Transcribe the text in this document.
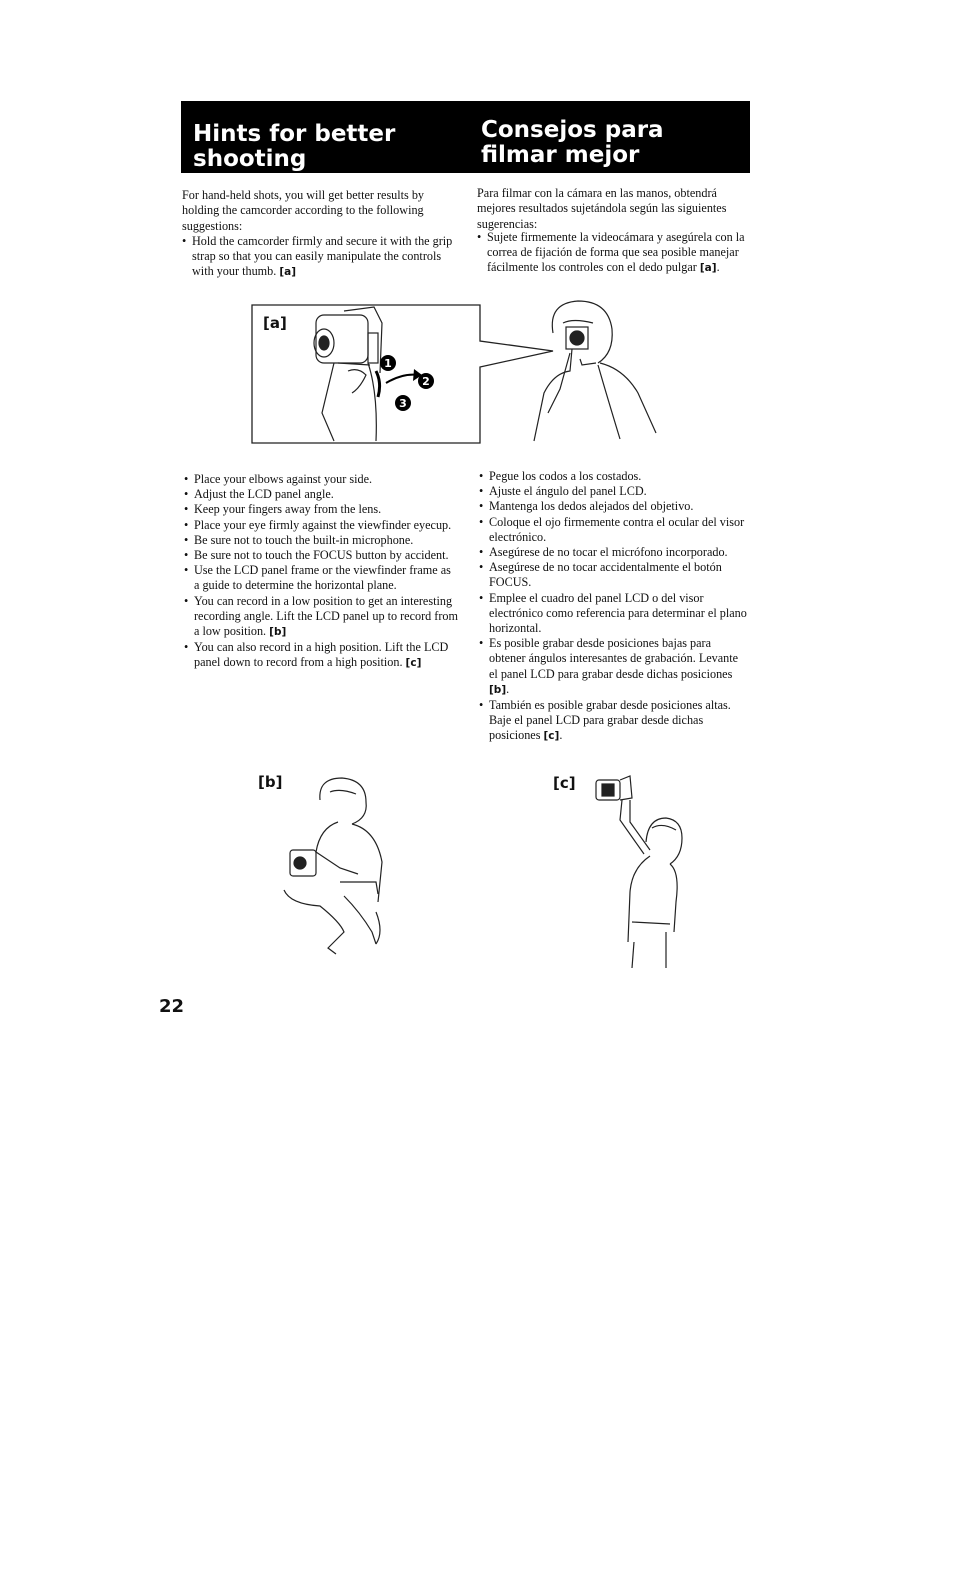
Hints for better shooting
Consejos para filmar mejor

For hand-held shots, you will get better results by holding the camcorder according to the following suggestions:

Para filmar con la cámara en las manos, obtendrá mejores resultados sujetándola según las siguientes sugerencias:

• Hold the camcorder firmly and secure it with the grip strap so that you can easily manipulate the controls with your thumb. [a]
• Sujete firmemente la videocámara y asegúrela con la correa de fijación de forma que sea posible manejar fácilmente los controles con el dedo pulgar [a].
[a]
1
2
3
• Place your elbows against your side.
• Adjust the LCD panel angle.
• Keep your fingers away from the lens.
• Place your eye firmly against the viewfinder eyecup.
• Be sure not to touch the built-in microphone.
• Be sure not to touch the FOCUS button by accident.
• Use the LCD panel frame or the viewfinder frame as a guide to determine the horizontal plane.
• You can record in a low position to get an interesting recording angle. Lift the LCD panel up to record from a low position. [b]
• You can also record in a high position. Lift the LCD panel down to record from a high position. [c]
• Pegue los codos a los costados.
• Ajuste el ángulo del panel LCD.
• Mantenga los dedos alejados del objetivo.
• Coloque el ojo firmemente contra el ocular del visor electrónico.
• Asegúrese de no tocar el micrófono incorporado.
• Asegúrese de no tocar accidentalmente el botón FOCUS.
• Emplee el cuadro del panel LCD o del visor electrónico como referencia para determinar el plano horizontal.
• Es posible grabar desde posiciones bajas para obtener ángulos interesantes de grabación. Levante el panel LCD para grabar desde dichas posiciones [b].
• También es posible grabar desde posiciones altas. Baje el panel LCD para grabar desde dichas posiciones [c].
[b]	[c]
22
